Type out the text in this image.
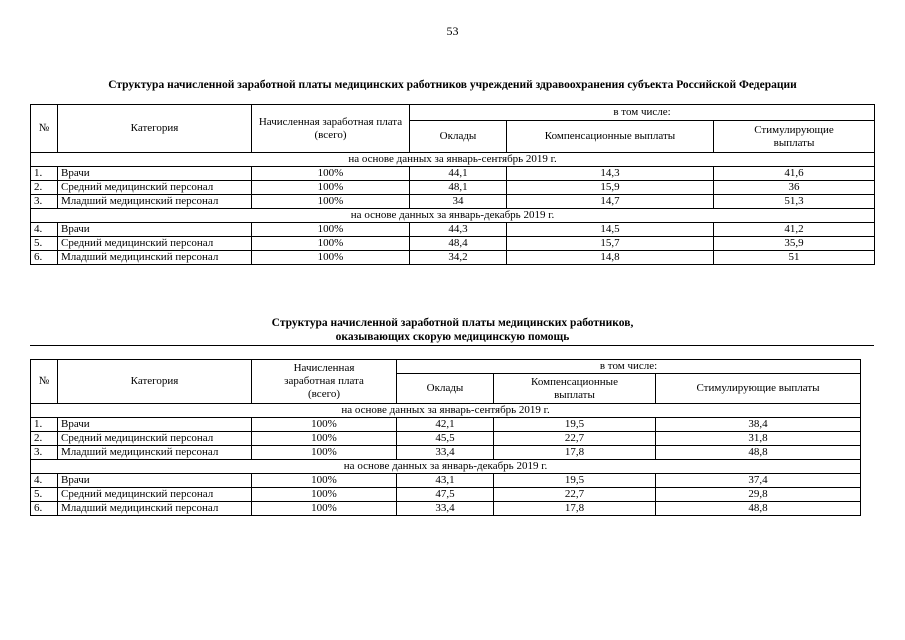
53
Структура начисленной заработной платы медицинских работников учреждений здравоохранения субъекта Российской Федерации
№	Категория	Начисленная заработная плата (всего)	в том числе:		
			Оклады	Компенсационные выплаты	Стимулирующие выплаты
на основе данных за январь-сентябрь 2019 г.					
1.	Врачи	100%	44,1	14,3	41,6
2.	Средний медицинский персонал	100%	48,1	15,9	36
3.	Младший медицинский персонал	100%	34	14,7	51,3
на основе данных за январь-декабрь 2019 г.					
4.	Врачи	100%	44,3	14,5	41,2
5.	Средний медицинский персонал	100%	48,4	15,7	35,9
6.	Младший медицинский персонал	100%	34,2	14,8	51
Структура начисленной заработной платы медицинских работников,
оказывающих скорую медицинскую помощь
№	Категория	Начисленная заработная плата (всего)	в том числе:		
			Оклады	Компенсационные выплаты	Стимулирующие выплаты
на основе данных за январь-сентябрь 2019 г.					
1.	Врачи	100%	42,1	19,5	38,4
2.	Средний медицинский персонал	100%	45,5	22,7	31,8
3.	Младший медицинский персонал	100%	33,4	17,8	48,8
на основе данных за январь-декабрь 2019 г.					
4.	Врачи	100%	43,1	19,5	37,4
5.	Средний медицинский персонал	100%	47,5	22,7	29,8
6.	Младший медицинский персонал	100%	33,4	17,8	48,8
